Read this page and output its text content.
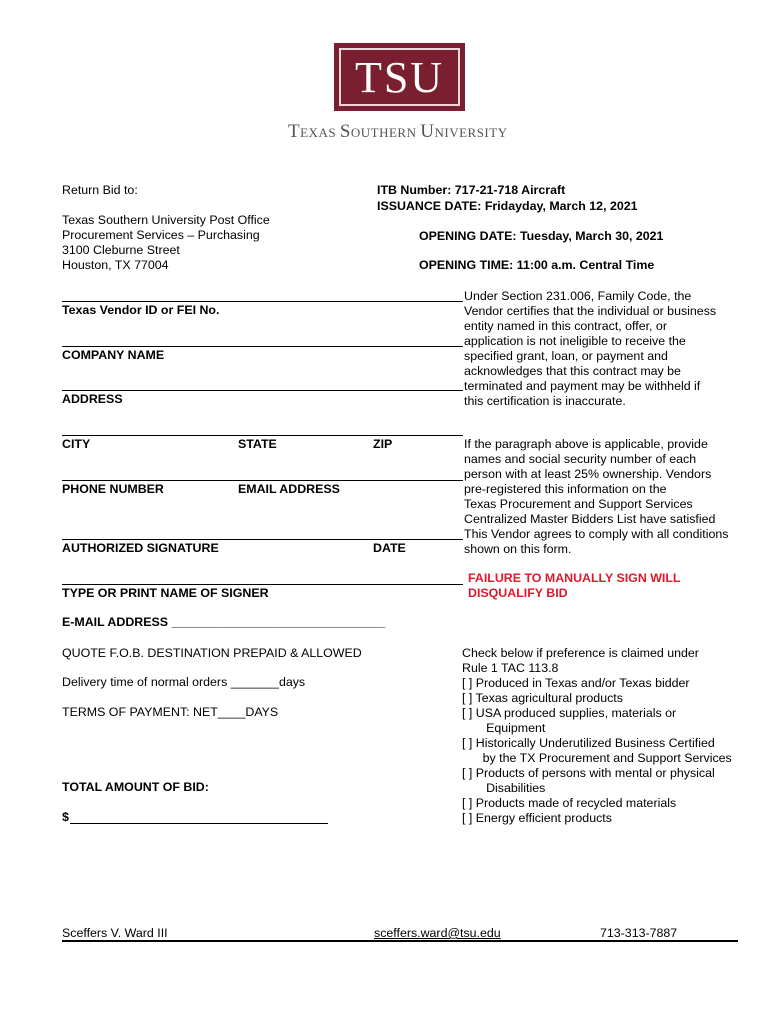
TSU
TEXAS SOUTHERN UNIVERSITY
Return Bid to:
Texas Southern University Post Office
Procurement Services – Purchasing
3100 Cleburne Street
Houston, TX 77004
ITB Number: 717-21-718 Aircraft
ISSUANCE DATE: Fridayday, March 12, 2021
OPENING DATE: Tuesday, March 30, 2021
OPENING TIME: 11:00 a.m. Central Time
Texas Vendor ID or FEI No.
COMPANY NAME
ADDRESS
CITY	STATE	ZIP
PHONE NUMBER	EMAIL ADDRESS
AUTHORIZED SIGNATURE	DATE
TYPE OR PRINT NAME OF SIGNER
E-MAIL ADDRESS _______________________________
Under Section 231.006, Family Code, the
Vendor certifies that the individual or business
entity named in this contract, offer, or
application is not ineligible to receive the
specified grant, loan, or payment and
acknowledges that this contract may be
terminated and payment may be withheld if
this certification is inaccurate.
If the paragraph above is applicable, provide
names and social security number of each
person with at least 25% ownership. Vendors
pre-registered this information on the
Texas Procurement and Support Services
Centralized Master Bidders List have satisfied
This Vendor agrees to comply with all conditions
shown on this form.
FAILURE TO MANUALLY SIGN WILL
DISQUALIFY BID
QUOTE F.O.B. DESTINATION PREPAID & ALLOWED
Delivery time of normal orders _______days
TERMS OF PAYMENT: NET____DAYS
TOTAL AMOUNT OF BID:
$
Check below if preference is claimed under
Rule 1 TAC 113.8
[ ] Produced in Texas and/or Texas bidder
[ ] Texas agricultural products
[ ] USA produced supplies, materials or
Equipment
[ ] Historically Underutilized Business Certified
by the TX Procurement and Support Services
[ ] Products of persons with mental or physical
Disabilities
[ ] Products made of recycled materials
[ ] Energy efficient products
Sceffers V. Ward III	sceffers.ward@tsu.edu	713-313-7887
